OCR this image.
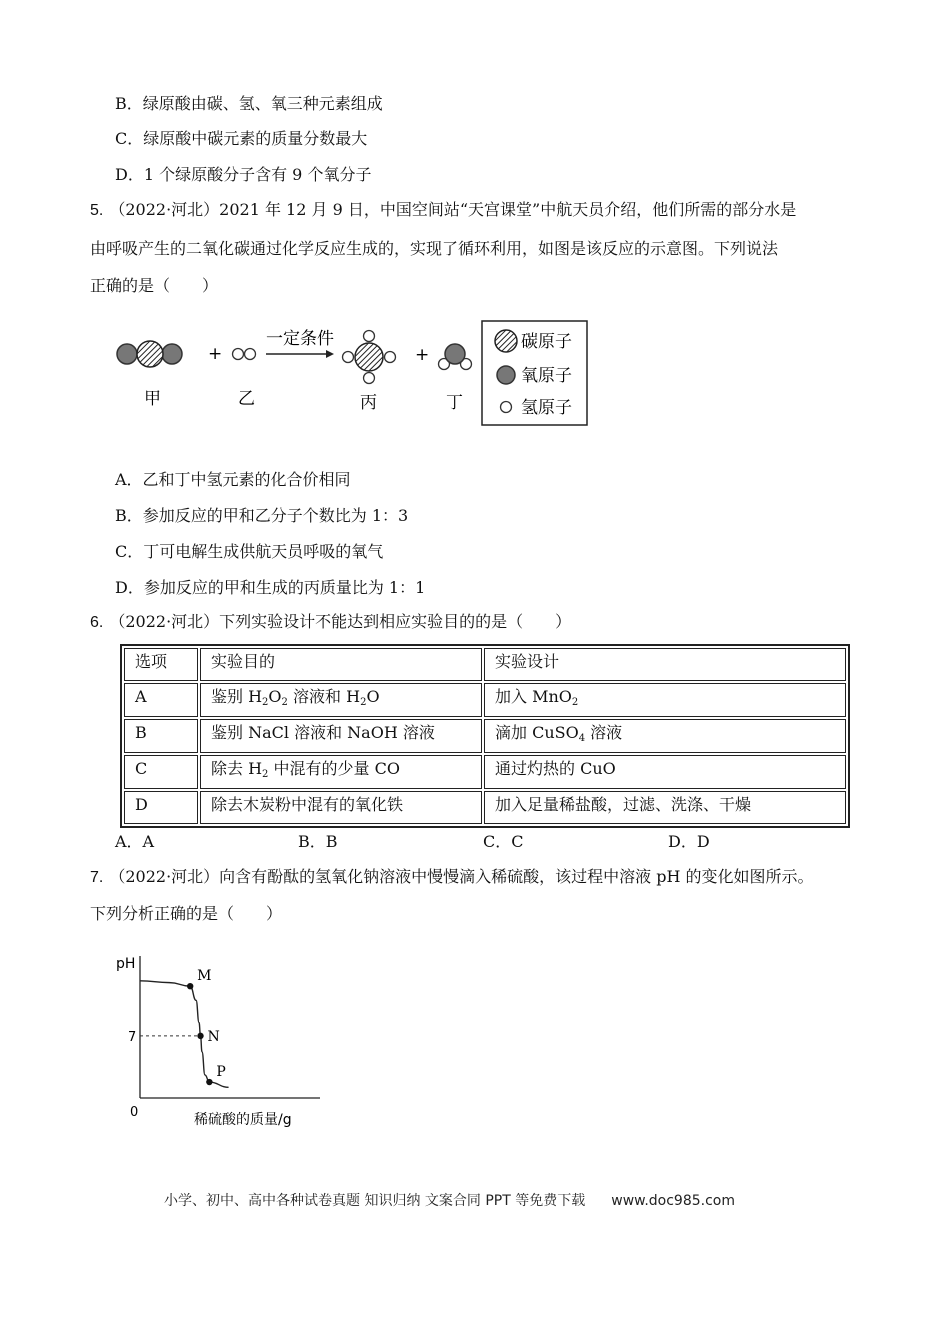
B．绿原酸由碳、氢、氧三种元素组成
C．绿原酸中碳元素的质量分数最大
D．1 个绿原酸分子含有 9 个氧分子
5. （2022·河北）2021 年 12 月 9 日，中国空间站“天宫课堂”中航天员介绍，他们所需的部分水是
由呼吸产生的二氧化碳通过化学反应生成的，实现了循环利用，如图是该反应的示意图。下列说法
正确的是（　　）
+
一定条件
+
甲	乙	丙	丁
碳原子
氧原子
氢原子
A．乙和丁中氢元素的化合价相同
B．参加反应的甲和乙分子个数比为 1：3
C．丁可电解生成供航天员呼吸的氧气
D．参加反应的甲和生成的丙质量比为 1：1
6. （2022·河北）下列实验设计不能达到相应实验目的的是（　　）
选项	实验目的	实验设计
A	鉴别 $H_2O_2$ 溶液和 $H_2O$	加入 MnO$_2$
B	鉴别 NaCl 溶液和 NaOH 溶液	滴加 CuSO$_4$ 溶液
C	除去 $H_2$ 中混有的少量 CO	通过灼热的 CuO
D	除去木炭粉中混有的氧化铁	加入足量稀盐酸，过滤、洗涤、干燥
A．A	B．B	C．C	D．D
7. （2022·河北）向含有酚酞的氢氧化钠溶液中慢慢滴入稀硫酸，该过程中溶液 pH 的变化如图所示。
下列分析正确的是（　　）
pH
0	稀硫酸的质量/g
7
M
N
P
小学、初中、高中各种试卷真题 知识归纳 文案合同 PPT 等免费下载 www.doc985.com
